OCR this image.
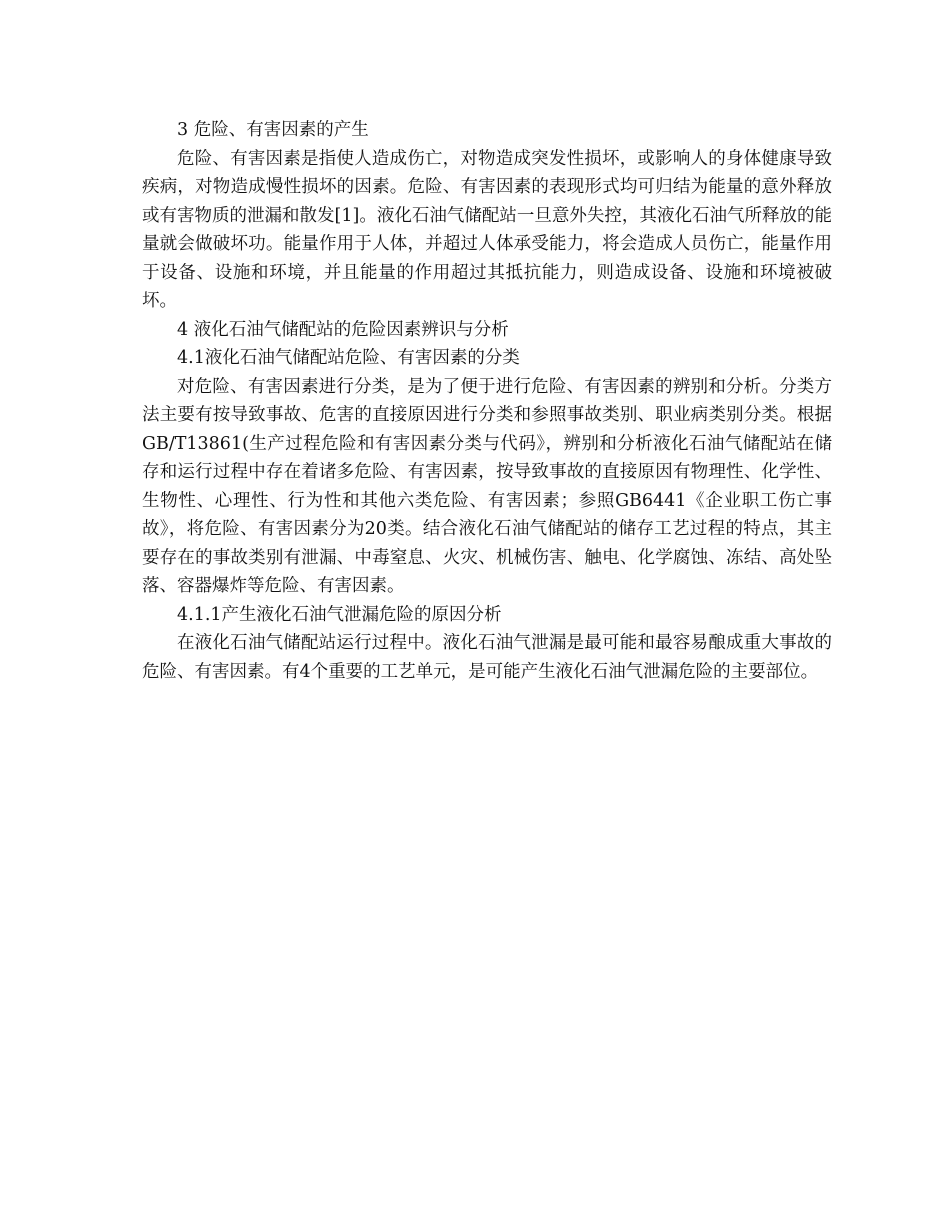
3 危险、有害因素的产生

危险、有害因素是指使人造成伤亡，对物造成突发性损坏，或影响人的身体健康导致疾病，对物造成慢性损坏的因素。危险、有害因素的表现形式均可归结为能量的意外释放或有害物质的泄漏和散发[1]。液化石油气储配站一旦意外失控，其液化石油气所释放的能量就会做破坏功。能量作用于人体，并超过人体承受能力，将会造成人员伤亡，能量作用于设备、设施和环境，并且能量的作用超过其抵抗能力，则造成设备、设施和环境被破坏。

4 液化石油气储配站的危险因素辨识与分析

4.1液化石油气储配站危险、有害因素的分类

对危险、有害因素进行分类，是为了便于进行危险、有害因素的辨别和分析。分类方法主要有按导致事故、危害的直接原因进行分类和参照事故类别、职业病类别分类。根据GB/T13861(生产过程危险和有害因素分类与代码》，辨别和分析液化石油气储配站在储存和运行过程中存在着诸多危险、有害因素，按导致事故的直接原因有物理性、化学性、生物性、心理性、行为性和其他六类危险、有害因素；参照GB6441《企业职工伤亡事故》，将危险、有害因素分为20类。结合液化石油气储配站的储存工艺过程的特点，其主要存在的事故类别有泄漏、中毒窒息、火灾、机械伤害、触电、化学腐蚀、冻结、高处坠落、容器爆炸等危险、有害因素。

4.1.1产生液化石油气泄漏危险的原因分析

在液化石油气储配站运行过程中。液化石油气泄漏是最可能和最容易酿成重大事故的危险、有害因素。有4个重要的工艺单元，是可能产生液化石油气泄漏危险的主要部位。
